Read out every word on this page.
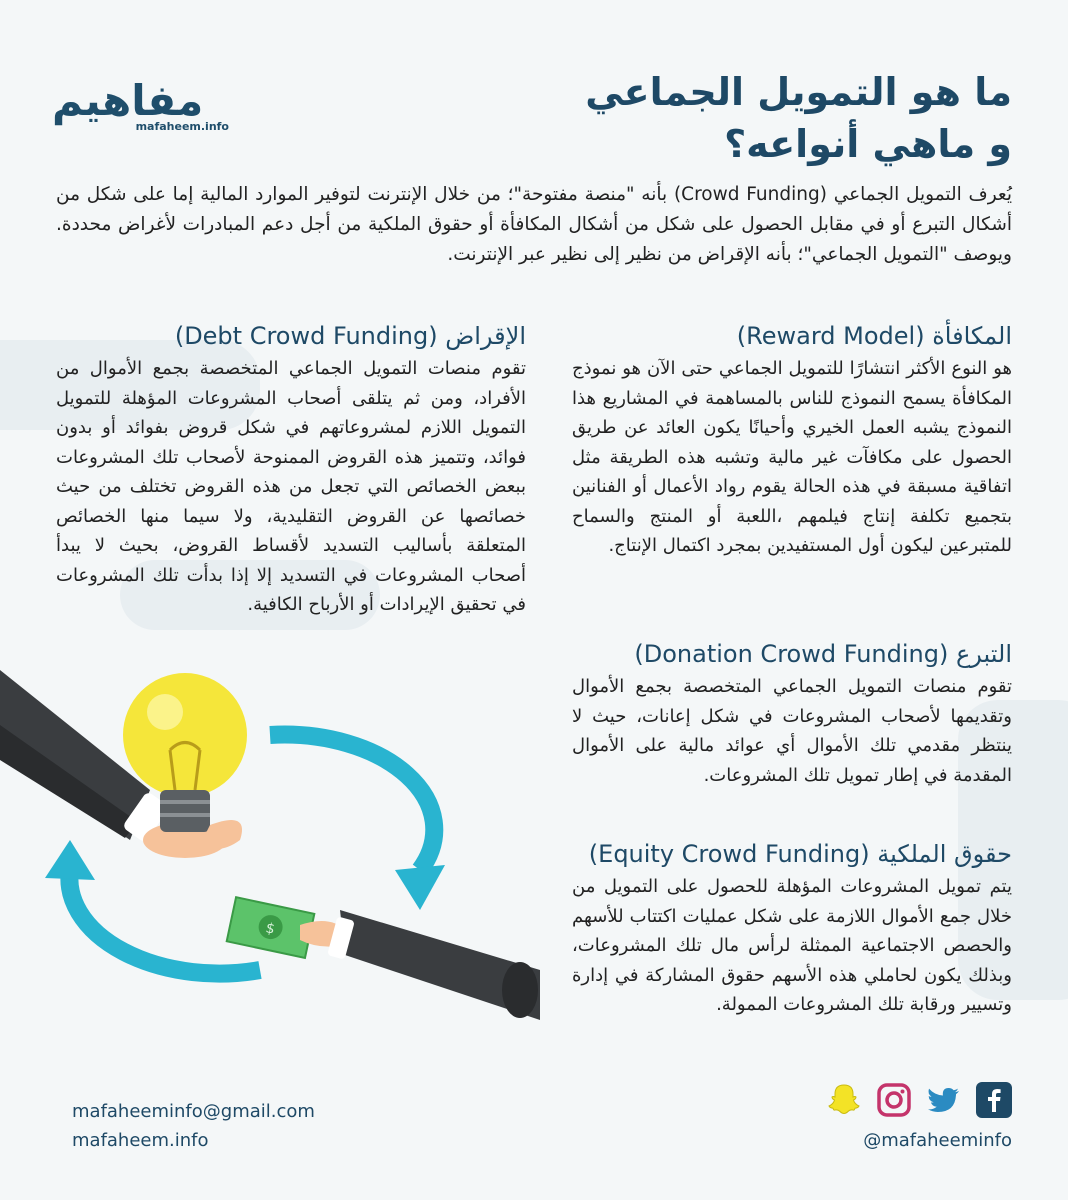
مفاهيم
mafaheem.info
ما هو التمويل الجماعي
و ماهي أنواعه؟
يُعرف التمويل الجماعي (Crowd Funding) بأنه "منصة مفتوحة"؛ من خلال الإنترنت لتوفير الموارد المالية إما على شكل من أشكال التبرع أو في مقابل الحصول على شكل من أشكال المكافأة أو حقوق الملكية من أجل دعم المبادرات لأغراض محددة. ويوصف "التمويل الجماعي"؛ بأنه الإقراض من نظير إلى نظير عبر الإنترنت.
المكافأة (Reward Model)

هو النوع الأكثر انتشارًا للتمويل الجماعي حتى الآن هو نموذج المكافأة يسمح النموذج للناس بالمساهمة في المشاريع هذا النموذج يشبه العمل الخيري وأحيانًا يكون العائد عن طريق الحصول على مكافآت غير مالية وتشبه هذه الطريقة مثل اتفاقية مسبقة في هذه الحالة يقوم رواد الأعمال أو الفنانين بتجميع تكلفة إنتاج فيلمهم ،اللعبة أو المنتج والسماح للمتبرعين ليكون أول المستفيدين بمجرد اكتمال الإنتاج.

الإقراض (Debt Crowd Funding)

تقوم منصات التمويل الجماعي المتخصصة بجمع الأموال من الأفراد، ومن ثم يتلقى أصحاب المشروعات المؤهلة للتمويل التمويل اللازم لمشروعاتهم في شكل قروض بفوائد أو بدون فوائد، وتتميز هذه القروض الممنوحة لأصحاب تلك المشروعات ببعض الخصائص التي تجعل من هذه القروض تختلف من حيث خصائصها عن القروض التقليدية، ولا سيما منها الخصائص المتعلقة بأساليب التسديد لأقساط القروض، بحيث لا يبدأ أصحاب المشروعات في التسديد إلا إذا بدأت تلك المشروعات في تحقيق الإيرادات أو الأرباح الكافية.

التبرع (Donation Crowd Funding)

تقوم منصات التمويل الجماعي المتخصصة بجمع الأموال وتقديمها لأصحاب المشروعات في شكل إعانات، حيث لا ينتظر مقدمي تلك الأموال أي عوائد مالية على الأموال المقدمة في إطار تمويل تلك المشروعات.

حقوق الملكية (Equity Crowd Funding)

يتم تمويل المشروعات المؤهلة للحصول على التمويل من خلال جمع الأموال اللازمة على شكل عمليات اكتتاب للأسهم والحصص الاجتماعية الممثلة لرأس مال تلك المشروعات، وبذلك يكون لحاملي هذه الأسهم حقوق المشاركة في إدارة وتسيير ورقابة تلك المشروعات الممولة.

$
mafaheeminfo@gmail.com
mafaheem.info	@mafaheeminfo
